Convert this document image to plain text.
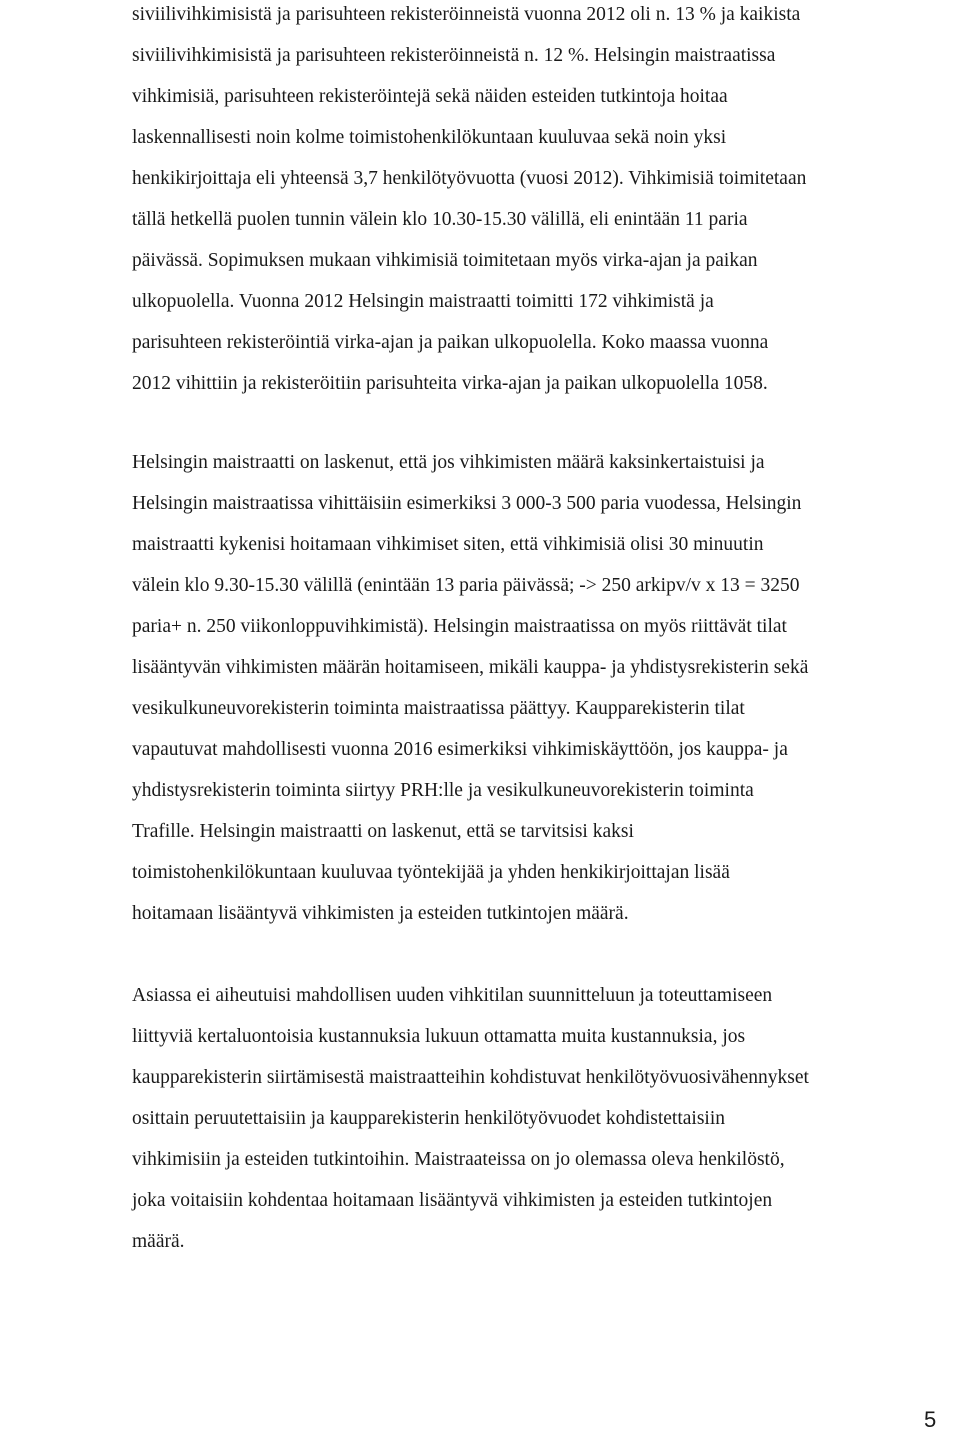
siviilivihkimisistä ja parisuhteen rekisteröinneistä vuonna 2012 oli n. 13 % ja kaikista
siviilivihkimisistä ja parisuhteen rekisteröinneistä n. 12 %. Helsingin maistraatissa
vihkimisiä, parisuhteen rekisteröintejä sekä näiden esteiden tutkintoja hoitaa
laskennallisesti noin kolme toimistohenkilökuntaan kuuluvaa sekä noin yksi
henkikirjoittaja eli yhteensä 3,7 henkilötyövuotta (vuosi 2012). Vihkimisiä toimitetaan
tällä hetkellä puolen tunnin välein klo 10.30-15.30 välillä, eli enintään 11 paria
päivässä. Sopimuksen mukaan vihkimisiä toimitetaan myös virka-ajan ja paikan
ulkopuolella. Vuonna 2012 Helsingin maistraatti toimitti 172 vihkimistä ja
parisuhteen rekisteröintiä virka-ajan ja paikan ulkopuolella. Koko maassa vuonna
2012 vihittiin ja rekisteröitiin parisuhteita virka-ajan ja paikan ulkopuolella 1058.
Helsingin maistraatti on laskenut, että jos vihkimisten määrä kaksinkertaistuisi ja
Helsingin maistraatissa vihittäisiin esimerkiksi 3 000-3 500 paria vuodessa, Helsingin
maistraatti kykenisi hoitamaan vihkimiset siten, että vihkimisiä olisi 30 minuutin
välein klo 9.30-15.30 välillä (enintään 13 paria päivässä; -> 250 arkipv/v x 13 = 3250
paria+ n. 250 viikonloppuvihkimistä). Helsingin maistraatissa on myös riittävät tilat
lisääntyvän vihkimisten määrän hoitamiseen, mikäli kauppa- ja yhdistysrekisterin sekä
vesikulkuneuvorekisterin toiminta maistraatissa päättyy. Kaupparekisterin tilat
vapautuvat mahdollisesti vuonna 2016 esimerkiksi vihkimiskäyttöön, jos kauppa- ja
yhdistysrekisterin toiminta siirtyy PRH:lle ja vesikulkuneuvorekisterin toiminta
Trafille. Helsingin maistraatti on laskenut, että se tarvitsisi kaksi
toimistohenkilökuntaan kuuluvaa työntekijää ja yhden henkikirjoittajan lisää
hoitamaan lisääntyvä vihkimisten ja esteiden tutkintojen määrä.
Asiassa ei aiheutuisi mahdollisen uuden vihkitilan suunnitteluun ja toteuttamiseen
liittyviä kertaluontoisia kustannuksia lukuun ottamatta muita kustannuksia, jos
kaupparekisterin siirtämisestä maistraatteihin kohdistuvat henkilötyövuosivähennykset
osittain peruutettaisiin ja kaupparekisterin henkilötyövuodet kohdistettaisiin
vihkimisiin ja esteiden tutkintoihin. Maistraateissa on jo olemassa oleva henkilöstö,
joka voitaisiin kohdentaa hoitamaan lisääntyvä vihkimisten ja esteiden tutkintojen
määrä.
5
